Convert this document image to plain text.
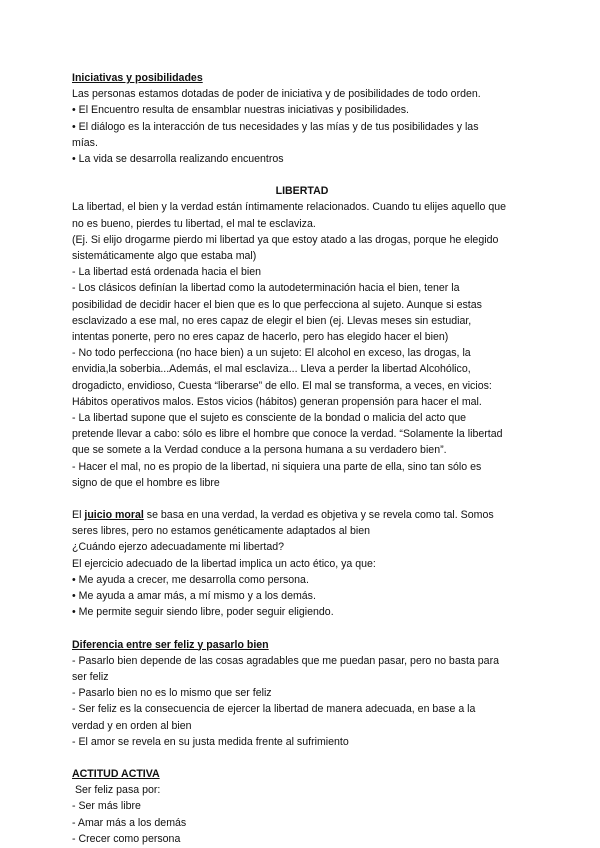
Iniciativas y posibilidades
Las personas estamos dotadas de poder de iniciativa y de posibilidades de todo orden.
• El Encuentro resulta de ensamblar nuestras iniciativas y posibilidades.
• El diálogo es la interacción de tus necesidades y las mías y de tus posibilidades y las
mías.
• La vida se desarrolla realizando encuentros
LIBERTAD
La libertad, el bien y la verdad están íntimamente relacionados. Cuando tu elijes aquello que
no es bueno, pierdes tu libertad, el mal te esclaviza.
(Ej. Si elijo drogarme pierdo mi libertad ya que estoy atado a las drogas, porque he elegido
sistemáticamente algo que estaba mal)
- La libertad está ordenada hacia el bien
- Los clásicos definían la libertad como la autodeterminación hacia el bien, tener la
posibilidad de decidir hacer el bien que es lo que perfecciona al sujeto. Aunque si estas
esclavizado a ese mal, no eres capaz de elegir el bien (ej. Llevas meses sin estudiar,
intentas ponerte, pero no eres capaz de hacerlo, pero has elegido hacer el bien)
- No todo perfecciona (no hace bien) a un sujeto: El alcohol en exceso, las drogas, la
envidia,la soberbia...Además, el mal esclaviza... Lleva a perder la libertad Alcohólico,
drogadicto, envidioso, Cuesta “liberarse” de ello. El mal se transforma, a veces, en vicios:
Hábitos operativos malos. Estos vicios (hábitos) generan propensión para hacer el mal.
- La libertad supone que el sujeto es consciente de la bondad o malicia del acto que
pretende llevar a cabo: sólo es libre el hombre que conoce la verdad. “Solamente la libertad
que se somete a la Verdad conduce a la persona humana a su verdadero bien”.
- Hacer el mal, no es propio de la libertad, ni siquiera una parte de ella, sino tan sólo es
signo de que el hombre es libre
El juicio moral se basa en una verdad, la verdad es objetiva y se revela como tal. Somos
seres libres, pero no estamos genéticamente adaptados al bien
¿Cuándo ejerzo adecuadamente mi libertad?
El ejercicio adecuado de la libertad implica un acto ético, ya que:
• Me ayuda a crecer, me desarrolla como persona.
• Me ayuda a amar más, a mí mismo y a los demás.
• Me permite seguir siendo libre, poder seguir eligiendo.
Diferencia entre ser feliz y pasarlo bien
- Pasarlo bien depende de las cosas agradables que me puedan pasar, pero no basta para
ser feliz
- Pasarlo bien no es lo mismo que ser feliz
- Ser feliz es la consecuencia de ejercer la libertad de manera adecuada, en base a la
verdad y en orden al bien
- El amor se revela en su justa medida frente al sufrimiento
ACTITUD ACTIVA
Ser feliz pasa por:
- Ser más libre
- Amar más a los demás
- Crecer como persona
